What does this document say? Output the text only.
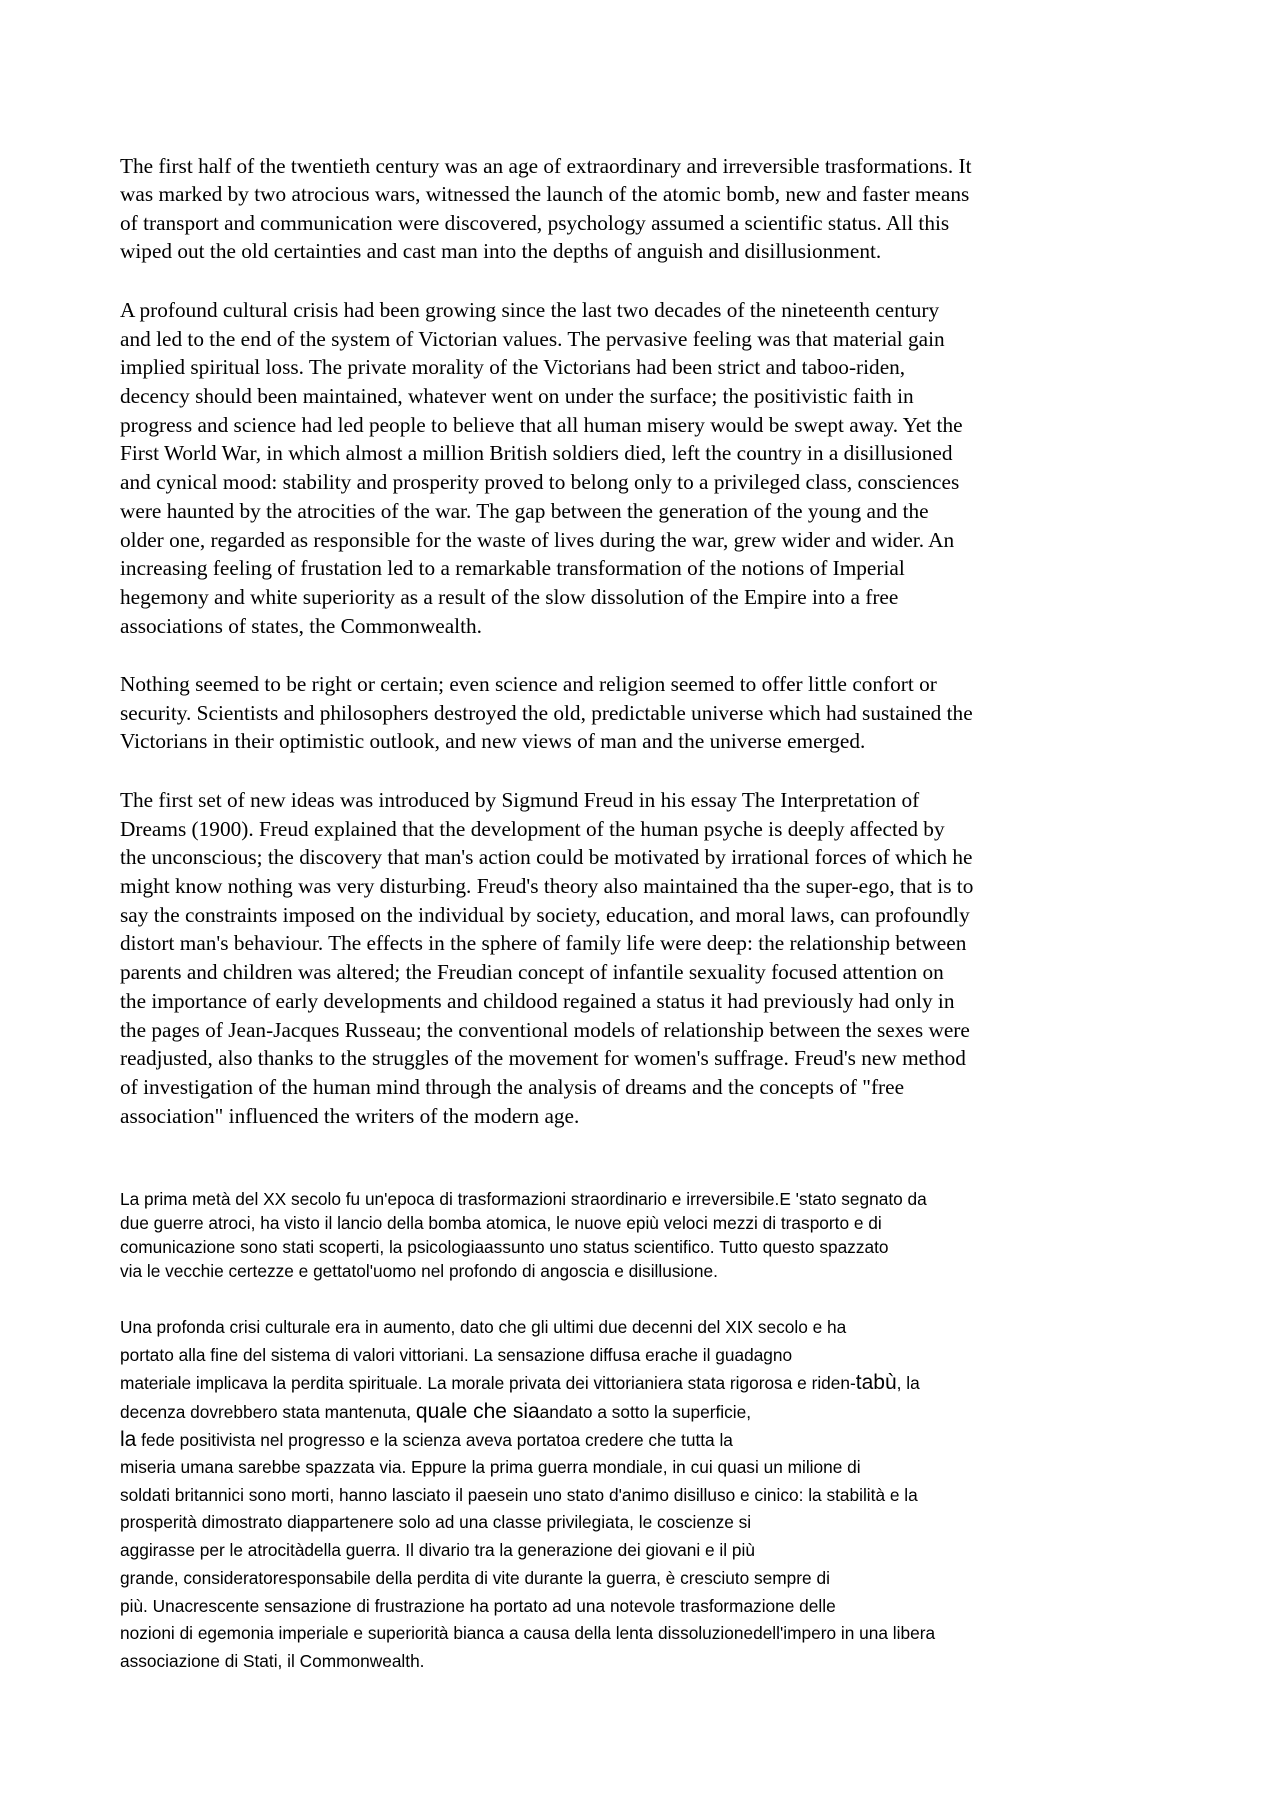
The first half of the twentieth century was an age of extraordinary and irreversible trasformations. It

was marked by two atrocious wars, witnessed the launch of the atomic bomb, new and faster means

of transport and communication were discovered, psychology assumed a scientific status. All this

wiped out the old certainties and cast man into the depths of anguish and disillusionment.

A profound cultural crisis had been growing since the last two decades of the nineteenth century

and led to the end of the system of Victorian values. The pervasive feeling was that material gain

implied spiritual loss. The private morality of the Victorians had been strict and taboo-riden,

decency should been maintained, whatever went on under the surface; the positivistic faith in

progress and science had led people to believe that all human misery would be swept away. Yet the

First World War, in which almost a million British soldiers died, left the country in a disillusioned

and cynical mood: stability and prosperity proved to belong only to a privileged class, consciences

were haunted by the atrocities of the war. The gap between the generation of the young and the

older one, regarded as responsible for the waste of lives during the war, grew wider and wider. An

increasing feeling of frustation led to a remarkable transformation of the notions of Imperial

hegemony and white superiority as a result of the slow dissolution of the Empire into a free

associations of states, the Commonwealth.

Nothing seemed to be right or certain; even science and religion seemed to offer little confort or

security. Scientists and philosophers destroyed the old, predictable universe which had sustained the

Victorians in their optimistic outlook, and new views of man and the universe emerged.

The first set of new ideas was introduced by Sigmund Freud in his essay The Interpretation of

Dreams (1900). Freud explained that the development of the human psyche is deeply affected by

the unconscious; the discovery that man's action could be motivated by irrational forces of which he

might know nothing was very disturbing. Freud's theory also maintained tha the super-ego, that is to

say the constraints imposed on the individual by society, education, and moral laws, can profoundly

distort man's behaviour. The effects in the sphere of family life were deep: the relationship between

parents and children was altered; the Freudian concept of infantile sexuality focused attention on

the importance of early developments and childood regained a status it had previously had only in

the pages of Jean-Jacques Russeau; the conventional models of relationship between the sexes were

readjusted, also thanks to the struggles of the movement for women's suffrage. Freud's new method

of investigation of the human mind through the analysis of dreams and the concepts of "free

association" influenced the writers of the modern age.

La prima metà del XX secolo fu un'epoca di trasformazioni straordinario e irreversibile.E 'stato segnato da

due guerre atroci, ha visto il lancio della bomba atomica, le nuove epiù veloci mezzi di trasporto e di

comunicazione sono stati scoperti, la psicologiaassunto uno status scientifico. Tutto questo spazzato

via le vecchie certezze e gettatol'uomo nel profondo di angoscia e disillusione.

Una profonda crisi culturale era in aumento, dato che gli ultimi due decenni del XIX secolo e ha

portato alla fine del sistema di valori vittoriani. La sensazione diffusa erache il guadagno

materiale implicava la perdita spirituale. La morale privata dei vittorianiera stata rigorosa e riden-tabù, la

decenza dovrebbero stata mantenuta, quale che siaandato a sotto la superficie,

la fede positivista nel progresso e la scienza aveva portatoa credere che tutta la

miseria umana sarebbe spazzata via. Eppure la prima guerra mondiale, in cui quasi un milione di

soldati britannici sono morti, hanno lasciato il paesein uno stato d'animo disilluso e cinico: la stabilità e la

prosperità dimostrato diappartenere solo ad una classe privilegiata, le coscienze si

aggirasse per le atrocitàdella guerra. Il divario tra la generazione dei giovani e il più

grande, consideratoresponsabile della perdita di vite durante la guerra, è cresciuto sempre di

più. Unacrescente sensazione di frustrazione ha portato ad una notevole trasformazione delle

nozioni di egemonia imperiale e superiorità bianca a causa della lenta dissoluzionedell'impero in una libera

associazione di Stati, il Commonwealth.
